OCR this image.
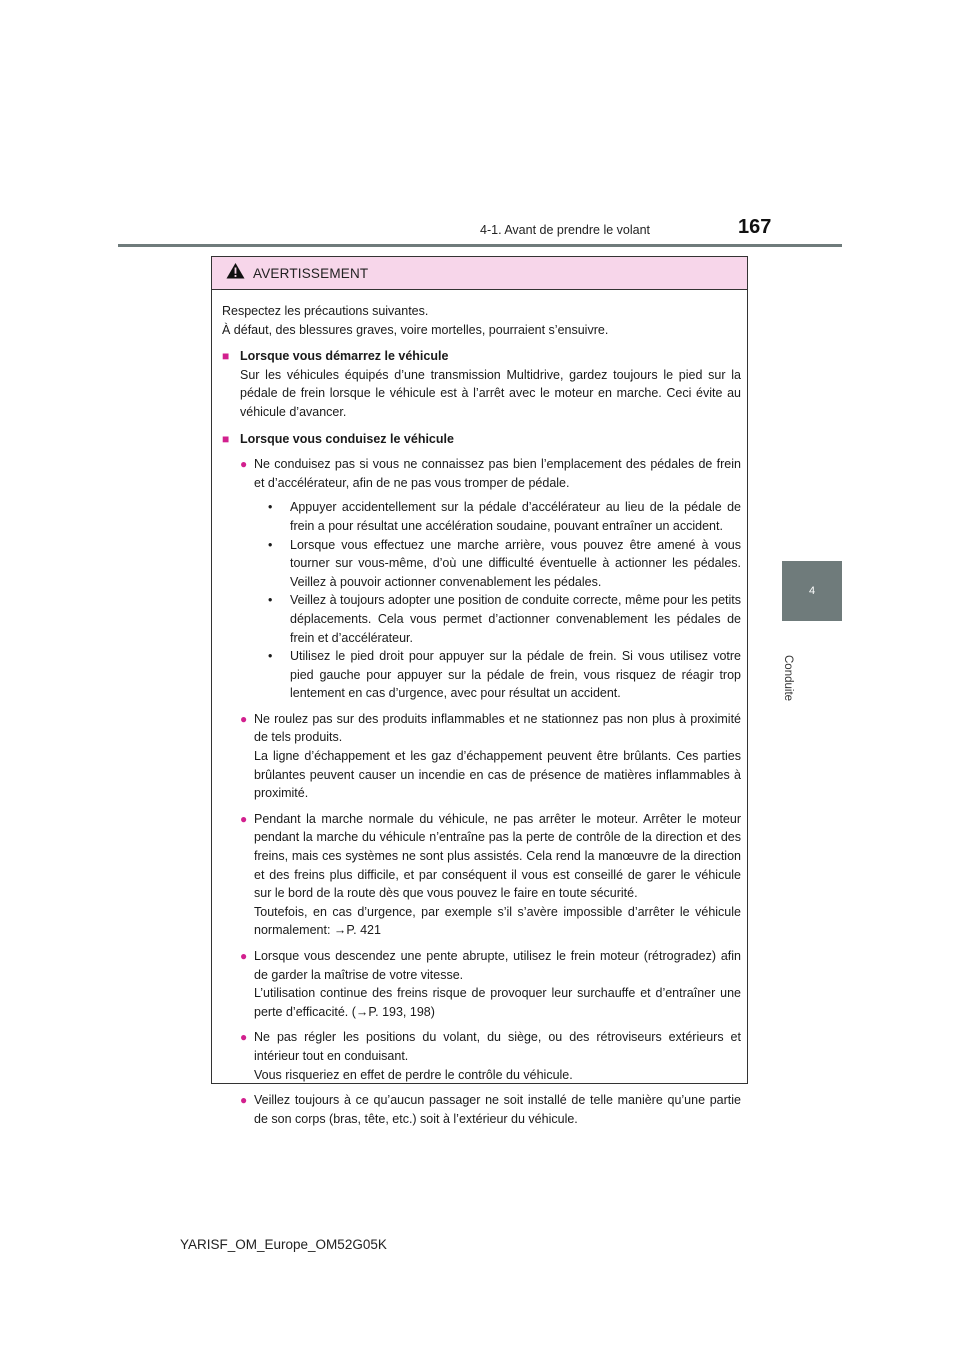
4-1. Avant de prendre le volant	167
4
Conduite
AVERTISSEMENT

Respectez les précautions suivantes.

À défaut, des blessures graves, voire mortelles, pourraient s’ensuivre.

■ Lorsque vous démarrez le véhicule

Sur les véhicules équipés d’une transmission Multidrive, gardez toujours le pied sur la pédale de frein lorsque le véhicule est à l’arrêt avec le moteur en marche. Ceci évite au véhicule d’avancer.

■ Lorsque vous conduisez le véhicule
● Ne conduisez pas si vous ne connaissez pas bien l’emplacement des pédales de frein et d’accélérateur, afin de ne pas vous tromper de pédale.

•	Appuyer accidentellement sur la pédale d’accélérateur au lieu de la pédale de frein a pour résultat une accélération soudaine, pouvant entraîner un accident.
•	Lorsque vous effectuez une marche arrière, vous pouvez être amené à vous tourner sur vous-même, d’où une difficulté éventuelle à actionner les pédales. Veillez à pouvoir actionner convenablement les pédales.
•	Veillez à toujours adopter une position de conduite correcte, même pour les petits déplacements. Cela vous permet d’actionner convenablement les pédales de frein et d’accélérateur.
•	Utilisez le pied droit pour appuyer sur la pédale de frein. Si vous utilisez votre pied gauche pour appuyer sur la pédale de frein, vous risquez de réagir trop lentement en cas d’urgence, avec pour résultat un accident.
● Ne roulez pas sur des produits inflammables et ne stationnez pas non plus à proximité de tels produits.

La ligne d’échappement et les gaz d’échappement peuvent être brûlants. Ces parties brûlantes peuvent causer un incendie en cas de présence de matières inflammables à proximité.

● Pendant la marche normale du véhicule, ne pas arrêter le moteur. Arrêter le moteur pendant la marche du véhicule n’entraîne pas la perte de contrôle de la direction et des freins, mais ces systèmes ne sont plus assistés. Cela rend la manœuvre de la direction et des freins plus difficile, et par conséquent il vous est conseillé de garer le véhicule sur le bord de la route dès que vous pouvez le faire en toute sécurité.

Toutefois, en cas d’urgence, par exemple s’il s’avère impossible d’arrêter le véhicule normalement: →P. 421

● Lorsque vous descendez une pente abrupte, utilisez le frein moteur (rétrogradez) afin de garder la maîtrise de votre vitesse.

L’utilisation continue des freins risque de provoquer leur surchauffe et d’entraîner une perte d’efficacité. (→P. 193, 198)

● Ne pas régler les positions du volant, du siège, ou des rétroviseurs extérieurs et intérieur tout en conduisant.

Vous risqueriez en effet de perdre le contrôle du véhicule.

● Veillez toujours à ce qu’aucun passager ne soit installé de telle manière qu’une partie de son corps (bras, tête, etc.) soit à l’extérieur du véhicule.

YARISF_OM_Europe_OM52G05K
